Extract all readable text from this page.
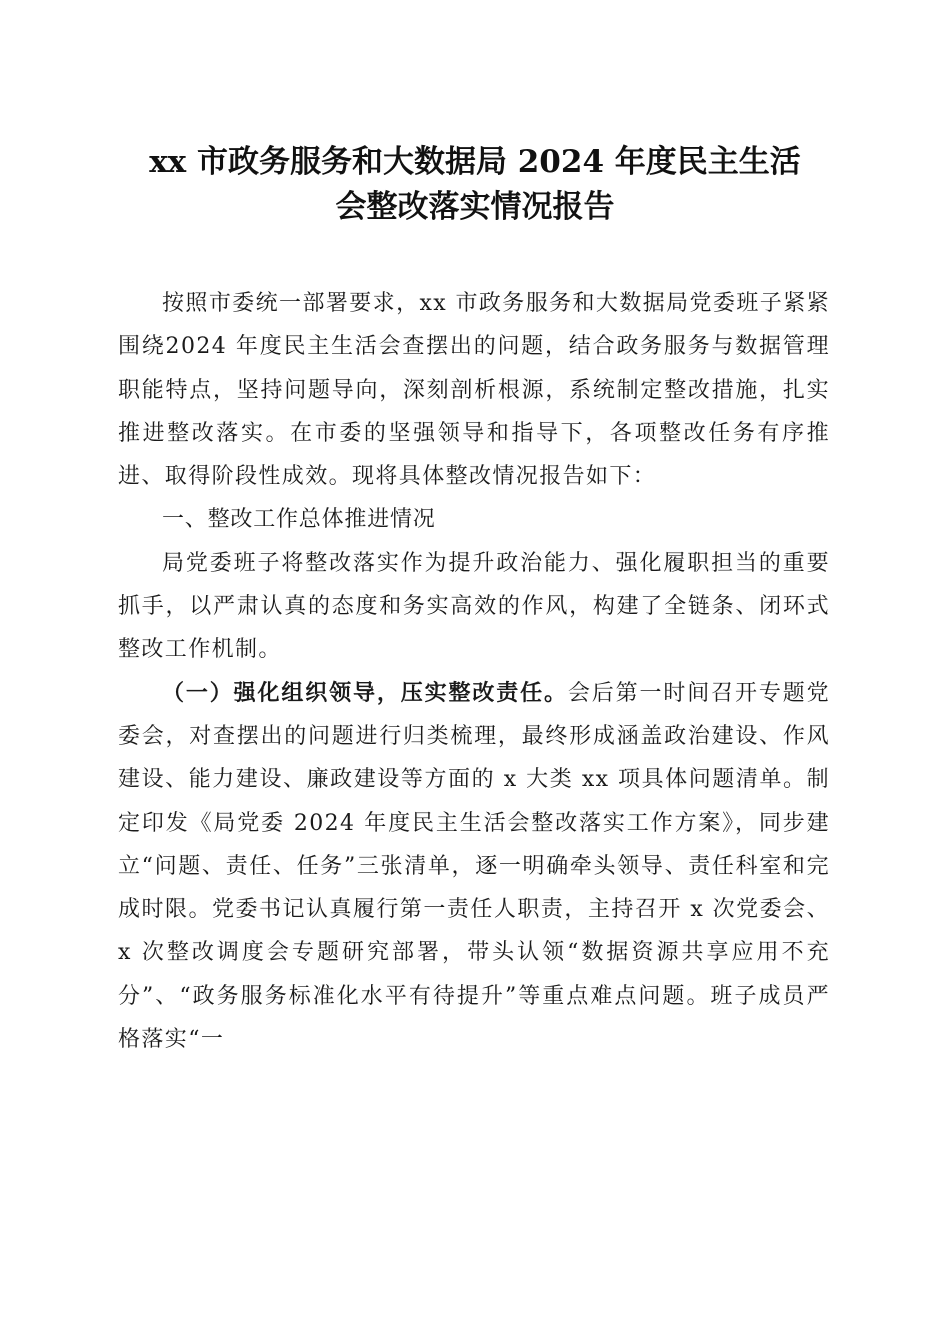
xx 市政务服务和大数据局 2024 年度民主生活
会整改落实情况报告

按照市委统一部署要求，xx 市政务服务和大数据局党委班子紧紧围绕2024 年度民主生活会查摆出的问题，结合政务服务与数据管理职能特点，坚持问题导向，深刻剖析根源，系统制定整改措施，扎实推进整改落实。在市委的坚强领导和指导下，各项整改任务有序推进、取得阶段性成效。现将具体整改情况报告如下：

一、整改工作总体推进情况

局党委班子将整改落实作为提升政治能力、强化履职担当的重要抓手，以严肃认真的态度和务实高效的作风，构建了全链条、闭环式整改工作机制。

（一）强化组织领导，压实整改责任。会后第一时间召开专题党委会，对查摆出的问题进行归类梳理，最终形成涵盖政治建设、作风建设、能力建设、廉政建设等方面的 x 大类 xx 项具体问题清单。制定印发《局党委 2024 年度民主生活会整改落实工作方案》，同步建立“问题、责任、任务”三张清单，逐一明确牵头领导、责任科室和完成时限。党委书记认真履行第一责任人职责，主持召开 x 次党委会、x 次整改调度会专题研究部署，带头认领“数据资源共享应用不充分”、“政务服务标准化水平有待提升”等重点难点问题。班子成员严格落实“一
